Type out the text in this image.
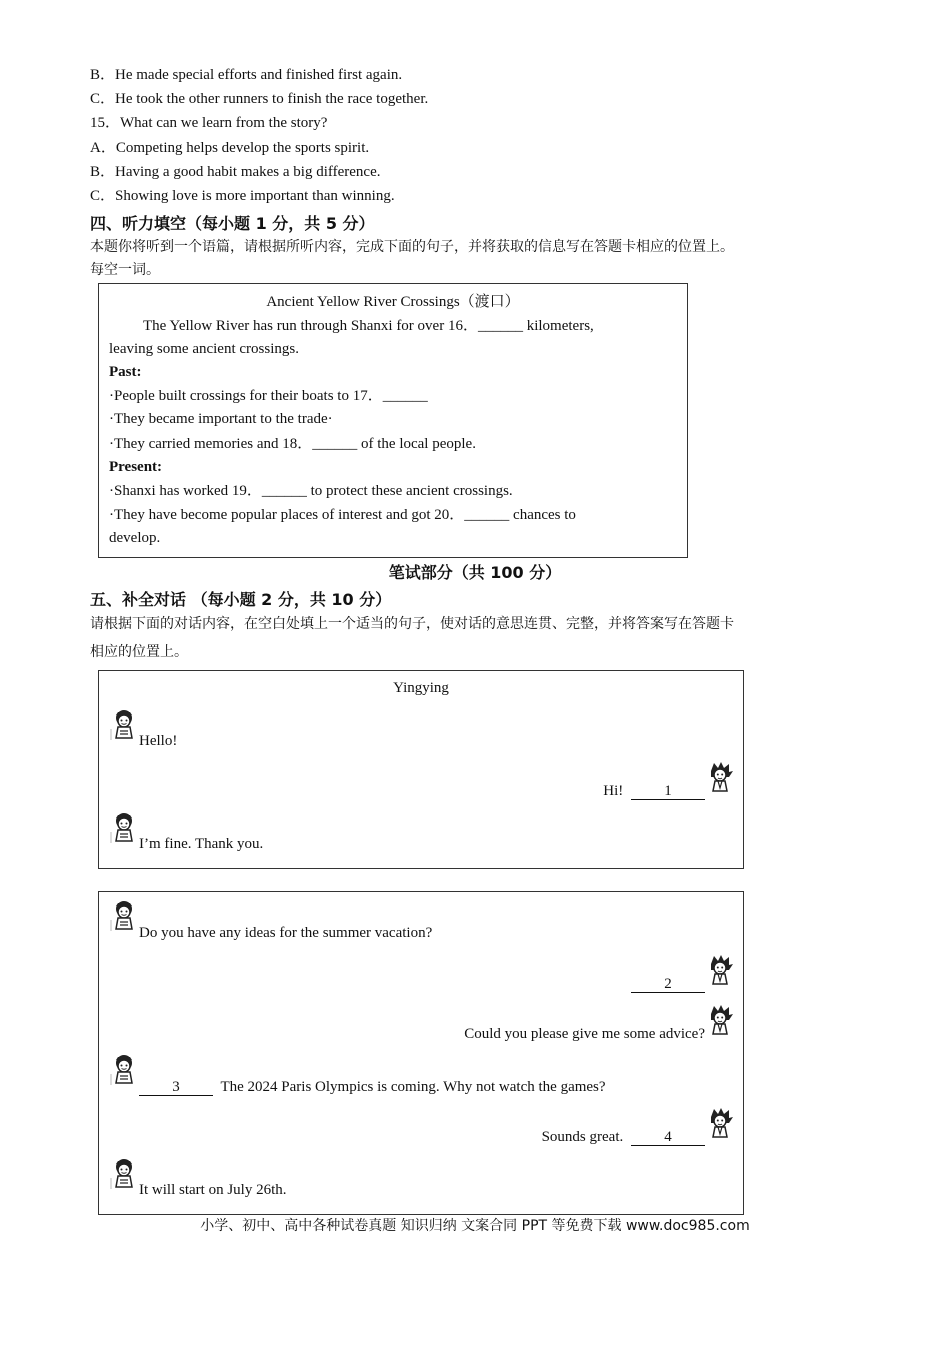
B．He made special efforts and finished first again.
C．He took the other runners to finish the race together.
15．What can we learn from the story?
A．Competing helps develop the sports spirit.
B．Having a good habit makes a big difference.
C．Showing love is more important than winning.
四、听力填空（每小题 1 分，共 5 分）
本题你将听到一个语篇，请根据所听内容，完成下面的句子，并将获取的信息写在答题卡相应的位置上。
每空一词。
Ancient Yellow River Crossings（渡口）
The Yellow River has run through Shanxi for over 16．______ kilometers,
leaving some ancient crossings.
Past:
·People built crossings for their boats to 17．______
·They became important to the trade·
·They carried memories and 18．______ of the local people.
Present:
·Shanxi has worked 19．______ to protect these ancient crossings.
·They have become popular places of interest and got 20．______ chances to
develop.
笔试部分（共 100 分）
五、补全对话 （每小题 2 分，共 10 分）
请根据下面的对话内容，在空白处填上一个适当的句子，使对话的意思连贯、完整，并将答案写在答题卡
相应的位置上。
Yingying
Hello!
Hi!	1
I’m fine. Thank you.
Do you have any ideas for the summer vacation?
2
Could you please give me some advice?
3	The 2024 Paris Olympics is coming. Why not watch the games?
Sounds great.	4
It will start on July 26th.
小学、初中、高中各种试卷真题 知识归纳 文案合同 PPT 等免费下载 www.doc985.com
